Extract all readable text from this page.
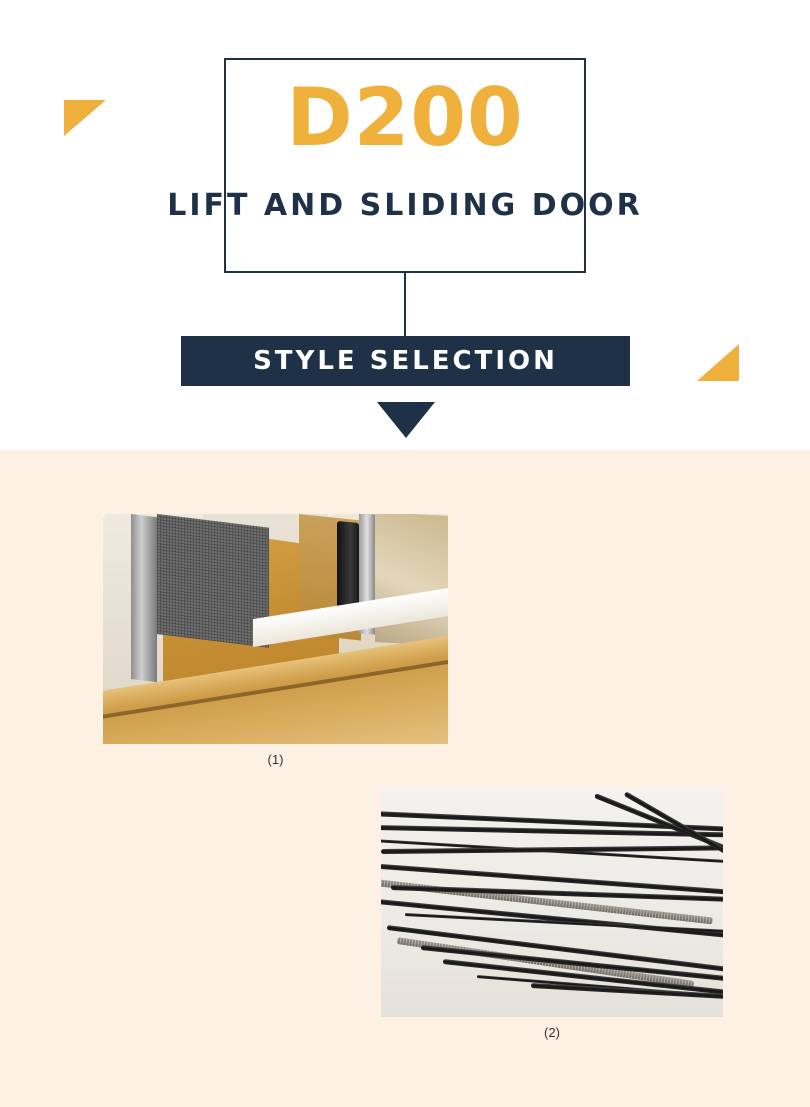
D200
LIFT AND SLIDING DOOR
STYLE SELECTION
(1)
(2)
